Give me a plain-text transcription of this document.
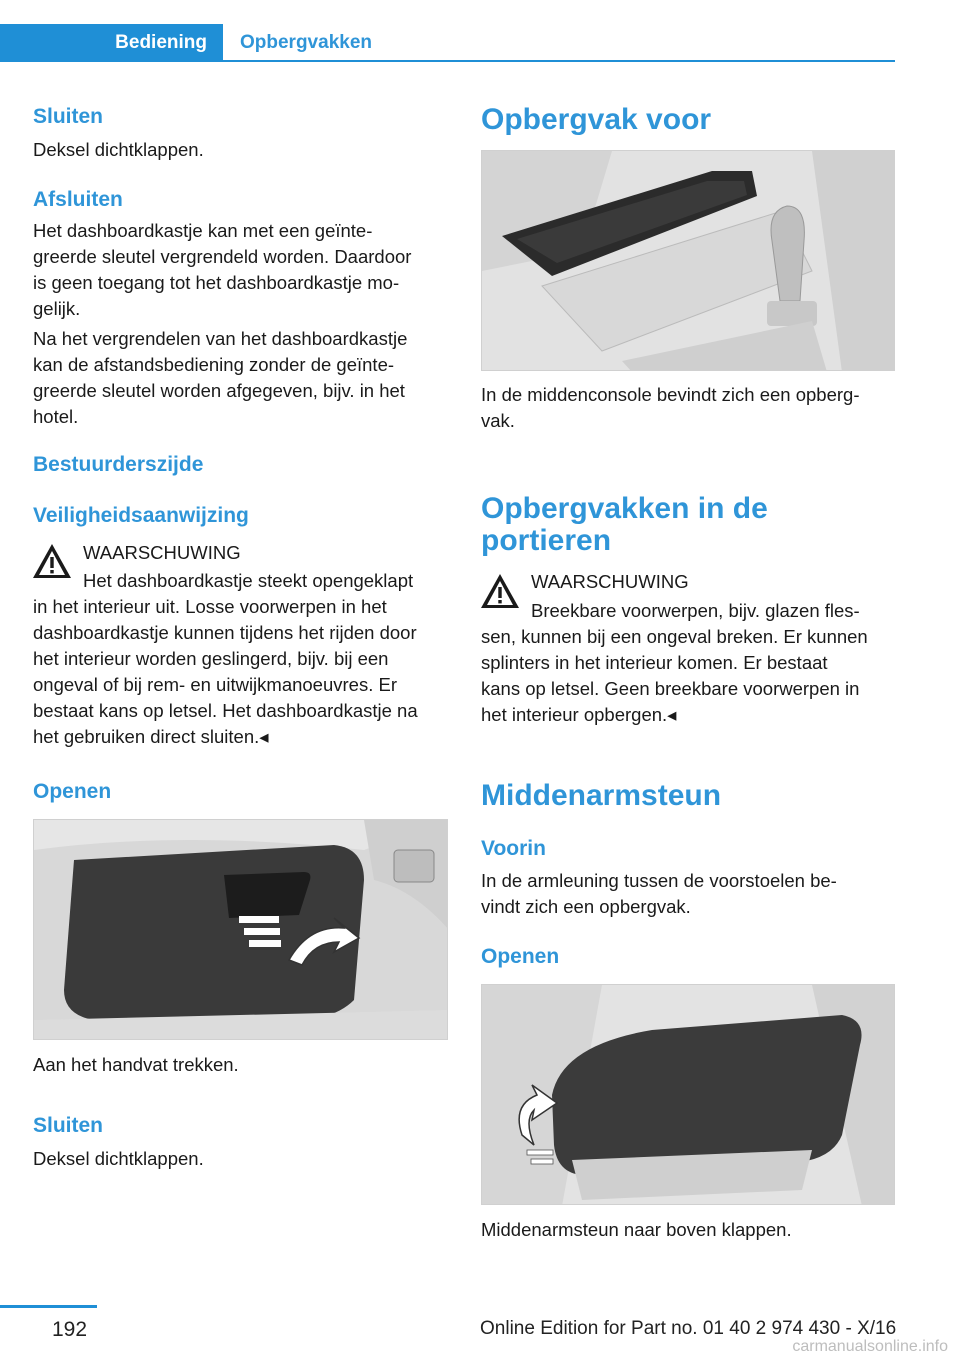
Bediening	Opbergvakken
Sluiten
Deksel dichtklappen.
Afsluiten
Het dashboardkastje kan met een geïnte-
greerde sleutel vergrendeld worden. Daardoor
is geen toegang tot het dashboardkastje mo-
gelijk.
Na het vergrendelen van het dashboardkastje
kan de afstandsbediening zonder de geïnte-
greerde sleutel worden afgegeven, bijv. in het
hotel.
Bestuurderszijde
Veiligheidsaanwijzing
WAARSCHUWING
Het dashboardkastje steekt opengeklapt
in het interieur uit. Losse voorwerpen in het
dashboardkastje kunnen tijdens het rijden door
het interieur worden geslingerd, bijv. bij een
ongeval of bij rem- en uitwijkmanoeuvres. Er
bestaat kans op letsel. Het dashboardkastje na
het gebruiken direct sluiten.◂
Openen
Aan het handvat trekken.
Sluiten
Deksel dichtklappen.
Opbergvak voor
In de middenconsole bevindt zich een opberg-
vak.
Opbergvakken in de
portieren
WAARSCHUWING
Breekbare voorwerpen, bijv. glazen fles-
sen, kunnen bij een ongeval breken. Er kunnen
splinters in het interieur komen. Er bestaat
kans op letsel. Geen breekbare voorwerpen in
het interieur opbergen.◂
Middenarmsteun
Voorin
In de armleuning tussen de voorstoelen be-
vindt zich een opbergvak.
Openen
Middenarmsteun naar boven klappen.
192	Online Edition for Part no. 01 40 2 974 430 - X/16
carmanualsonline.info
